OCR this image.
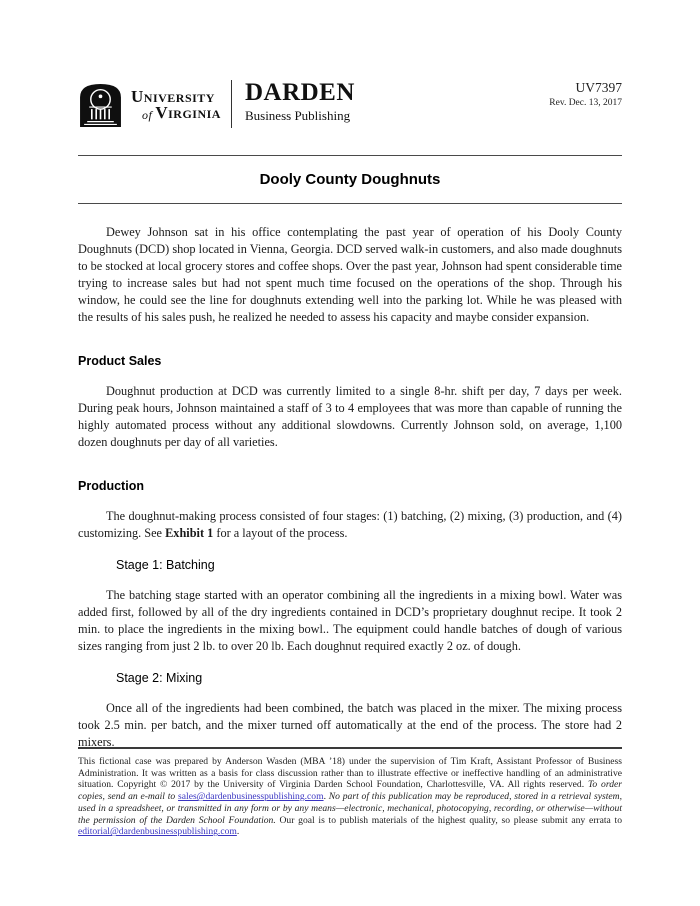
University
of Virginia
DARDEN
Business Publishing
UV7397
Rev. Dec. 13, 2017
Dooly County Doughnuts

Dewey Johnson sat in his office contemplating the past year of operation of his Dooly County Doughnuts (DCD) shop located in Vienna, Georgia. DCD served walk-in customers, and also made doughnuts to be stocked at local grocery stores and coffee shops. Over the past year, Johnson had spent considerable time trying to increase sales but had not spent much time focused on the operations of the shop. Through his window, he could see the line for doughnuts extending well into the parking lot. While he was pleased with the results of his sales push, he realized he needed to assess his capacity and maybe consider expansion.

Product Sales

Doughnut production at DCD was currently limited to a single 8-hr. shift per day, 7 days per week. During peak hours, Johnson maintained a staff of 3 to 4 employees that was more than capable of running the highly automated process without any additional slowdowns. Currently Johnson sold, on average, 1,100 dozen doughnuts per day of all varieties.

Production

The doughnut-making process consisted of four stages: (1) batching, (2) mixing, (3) production, and (4) customizing. See Exhibit 1 for a layout of the process.

Stage 1: Batching

The batching stage started with an operator combining all the ingredients in a mixing bowl. Water was added first, followed by all of the dry ingredients contained in DCD’s proprietary doughnut recipe. It took 2 min. to place the ingredients in the mixing bowl.. The equipment could handle batches of dough of various sizes ranging from just 2 lb. to over 20 lb. Each doughnut required exactly 2 oz. of dough.

Stage 2: Mixing

Once all of the ingredients had been combined, the batch was placed in the mixer. The mixing process took 2.5 min. per batch, and the mixer turned off automatically at the end of the process. The store had 2 mixers.

This fictional case was prepared by Anderson Wasden (MBA ’18) under the supervision of Tim Kraft, Assistant Professor of Business Administration. It was written as a basis for class discussion rather than to illustrate effective or ineffective handling of an administrative situation. Copyright © 2017 by the University of Virginia Darden School Foundation, Charlottesville, VA. All rights reserved. To order copies, send an e-mail to sales@dardenbusinesspublishing.com. No part of this publication may be reproduced, stored in a retrieval system, used in a spreadsheet, or transmitted in any form or by any means—electronic, mechanical, photocopying, recording, or otherwise—without the permission of the Darden School Foundation. Our goal is to publish materials of the highest quality, so please submit any errata to editorial@dardenbusinesspublishing.com.
